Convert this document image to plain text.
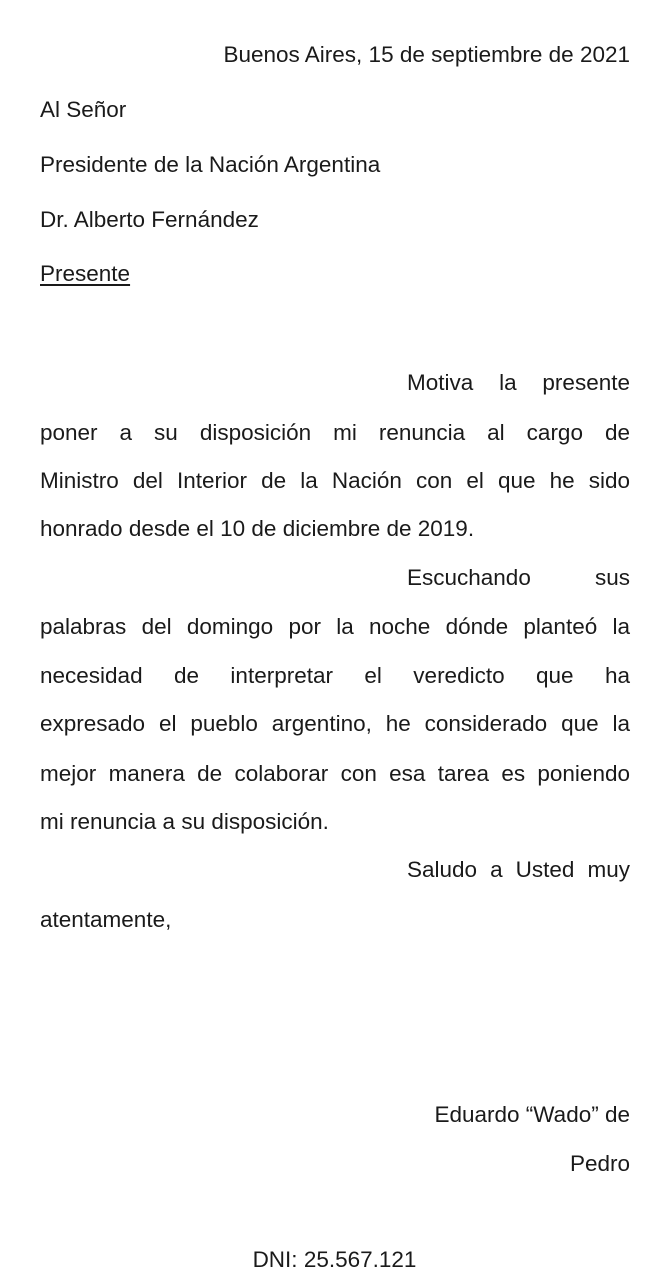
Buenos Aires, 15 de septiembre de 2021
Al Señor
Presidente de la Nación Argentina
Dr. Alberto Fernández
Presente
Motiva la presente
poner a su disposición mi renuncia al cargo de
Ministro del Interior de la Nación con el que he sido
honrado desde el 10 de diciembre de 2019.
Escuchando	sus
palabras del domingo por la noche dónde planteó la
necesidad de interpretar el veredicto que ha
expresado el pueblo argentino, he considerado que la
mejor manera de colaborar con esa tarea es poniendo
mi renuncia a su disposición.
Saludo a Usted muy
atentamente,
Eduardo “Wado” de
Pedro
DNI: 25.567.121
